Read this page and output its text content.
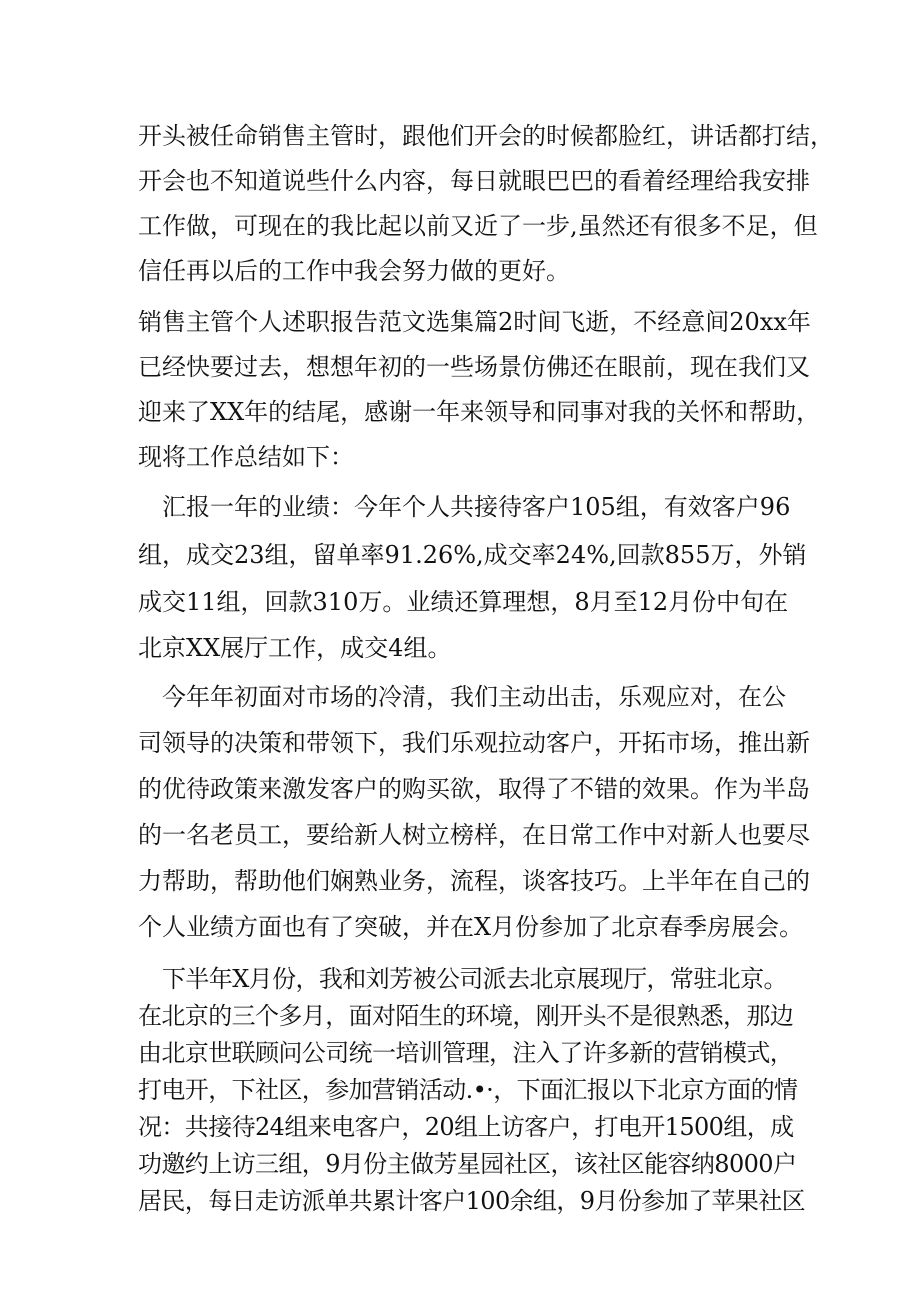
开头被任命销售主管时，跟他们开会的时候都脸红，讲话都打结，
开会也不知道说些什么内容，每日就眼巴巴的看着经理给我安排
工作做，可现在的我比起以前又近了一步,虽然还有很多不足，但
信任再以后的工作中我会努力做的更好。
销售主管个人述职报告范文选集篇2时间飞逝，不经意间20xx年
已经快要过去，想想年初的一些场景仿佛还在眼前，现在我们又
迎来了XX年的结尾，感谢一年来领导和同事对我的关怀和帮助，
现将工作总结如下：
汇报一年的业绩：今年个人共接待客户105组，有效客户96
组，成交23组，留单率91.26%,成交率24%,回款855万，外销
成交11组，回款310万。业绩还算理想，8月至12月份中旬在
北京XX展厅工作，成交4组。
今年年初面对市场的冷清，我们主动出击，乐观应对，在公
司领导的决策和带领下，我们乐观拉动客户，开拓市场，推出新
的优待政策来激发客户的购买欲，取得了不错的效果。作为半岛
的一名老员工，要给新人树立榜样，在日常工作中对新人也要尽
力帮助，帮助他们娴熟业务，流程，谈客技巧。上半年在自己的
个人业绩方面也有了突破，并在X月份参加了北京春季房展会。
下半年X月份，我和刘芳被公司派去北京展现厅，常驻北京。
在北京的三个多月，面对陌生的环境，刚开头不是很熟悉，那边
由北京世联顾问公司统一培训管理，注入了许多新的营销模式，
打电开，下社区，参加营销活动.•·，下面汇报以下北京方面的情
况：共接待24组来电客户，20组上访客户，打电开1500组，成
功邀约上访三组，9月份主做芳星园社区，该社区能容纳8000户
居民，每日走访派单共累计客户100余组，9月份参加了苹果社区
